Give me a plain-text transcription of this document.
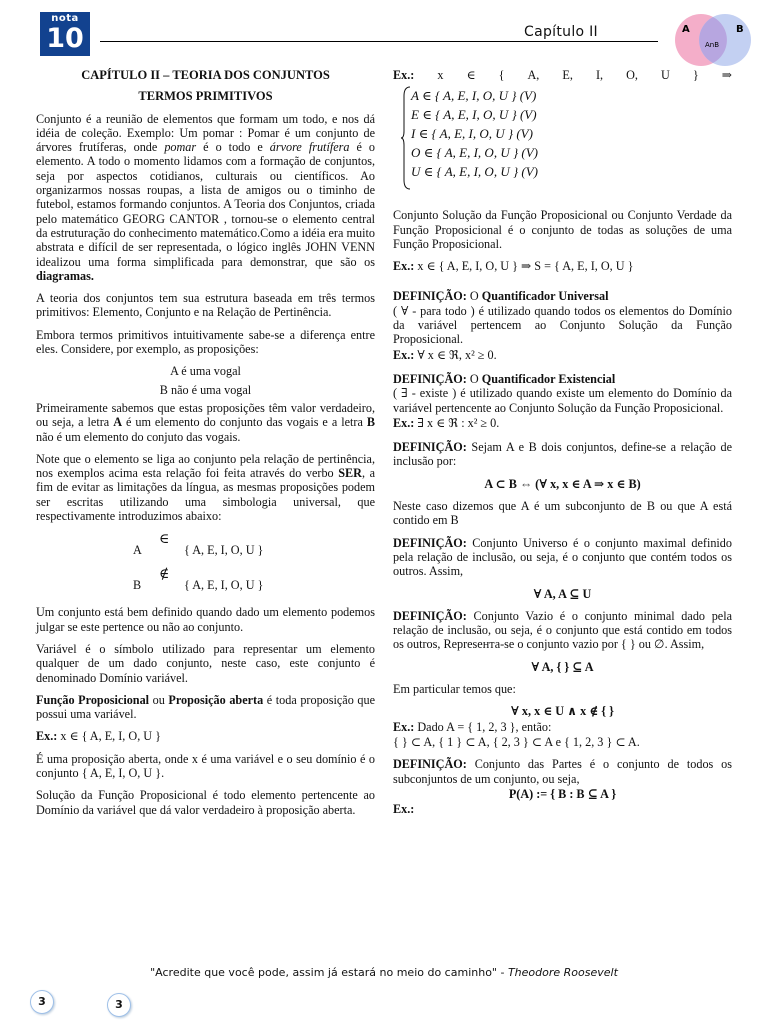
nota
10	Capítulo II	A	B
AnB
CAPÍTULO II – TEORIA DOS CONJUNTOS
TERMOS PRIMITIVOS

Conjunto é a reunião de elementos que formam um todo, e nos dá idéia de coleção. Exemplo: Um pomar : Pomar é um conjunto de árvores frutíferas, onde pomar é o todo e árvore frutífera é o elemento. A todo o momento lidamos com a formação de conjuntos, seja por aspectos cotidianos, culturais ou científicos. Ao organizarmos nossas roupas, a lista de amigos ou o timinho de futebol, estamos formando conjuntos. A Teoria dos Conjuntos, criada pelo matemático GEORG CANTOR , tornou-se o elemento central da estruturação do conhecimento matemático.Como a idéia era muito abstrata e difícil de ser representada, o lógico inglês JOHN VENN idealizou uma forma simplificada para demonstrar, que são os diagramas.

A teoria dos conjuntos tem sua estrutura baseada em três termos primitivos: Elemento, Conjunto e na Relação de Pertinência.

Embora termos primitivos intuitivamente sabe-se a diferença entre eles. Considere, por exemplo, as proposições:

A é uma vogal

B não é uma vogal

Primeiramente sabemos que estas proposições têm valor verdadeiro, ou seja, a letra A é um elemento do conjunto das vogais e a letra B não é um elemento do conjuto das vogais.

Note que o elemento se liga ao conjunto pela relação de pertinência, nos exemplos acima esta relação foi feita através do verbo SER, a fim de evitar as limitações da língua, as mesmas proposições podem ser escritas utilizando uma simbologia universal, que respectivamente introduzimos abaixo:

A
∈
{ A, E, I, O, U }
B
∉
{ A, E, I, O, U }

Um conjunto está bem definido quando dado um elemento podemos julgar se este pertence ou não ao conjunto.

Variável é o símbolo utilizado para representar um elemento qualquer de um dado conjunto, neste caso, este conjunto é denominado Domínio variável.

Função Proposicional ou Proposição aberta é toda proposição que possui uma variável.

Ex.: x ∈ { A, E, I, O, U }

É uma proposição aberta, onde x é uma variável e o seu domínio é o conjunto { A, E, I, O, U }.

Solução da Função Proposicional é todo elemento pertencente ao Domínio da variável que dá valor verdadeiro à proposição aberta.

Ex.: x ∈ { A, E, I, O, U } ⇒
A ∈ { A, E, I, O, U } (V)
E ∈ { A, E, I, O, U } (V)
I ∈ { A, E, I, O, U } (V)
O ∈ { A, E, I, O, U } (V)
U ∈ { A, E, I, O, U } (V)

Conjunto Solução da Função Proposicional ou Conjunto Verdade da Função Proposicional é o conjunto de todas as soluções de uma Função Proposicional.

Ex.: x ∈ { A, E, I, O, U } ⇒ S = { A, E, I, O, U }

DEFINIÇÃO: O Quantificador Universal
( ∀ - para todo ) é utilizado quando todos os elementos do Domínio da variável pertencem ao Conjunto Solução da Função Proposicional.

Ex.: ∀ x ∈ ℜ, x² ≥ 0.

DEFINIÇÃO: O Quantificador Existencial
( ∃ - existe ) é utilizado quando existe um elemento do Domínio da variável pertencente ao Conjunto Solução da Função Proposicional.

Ex.: ∃ x ∈ ℜ : x² ≥ 0.

DEFINIÇÃO: Sejam A e B dois conjuntos, define-se a relação de inclusão por:

A ⊂ B ⇔ (∀ x, x ∈ A ⇒ x ∈ B)

Neste caso dizemos que A é um subconjunto de B ou que A está contido em B

DEFINIÇÃO: Conjunto Universo é o conjunto maximal definido pela relação de inclusão, ou seja, é o conjunto que contém todos os outros. Assim,

∀ A, A ⊆ U

DEFINIÇÃO: Conjunto Vazio é o conjunto minimal dado pela relação de inclusão, ou seja, é o conjunto que está contido em todos os outros, Represента-se o conjunto vazio por { } ou ∅. Assim,

∀ A, { } ⊆ A

Em particular temos que:

∀ x, x ∈ U ∧ x ∉ { }

Ex.: Dado A = { 1, 2, 3 }, então:

{ } ⊂ A, { 1 } ⊂ A, { 2, 3 } ⊂ A e { 1, 2, 3 } ⊂ A.

DEFINIÇÃO: Conjunto das Partes é o conjunto de todos os subconjuntos de um conjunto, ou seja,

P(A) := { B : B ⊆ A }

Ex.:

"Acredite que você pode, assim já estará no meio do caminho" - Theodore Roosevelt
3	3
